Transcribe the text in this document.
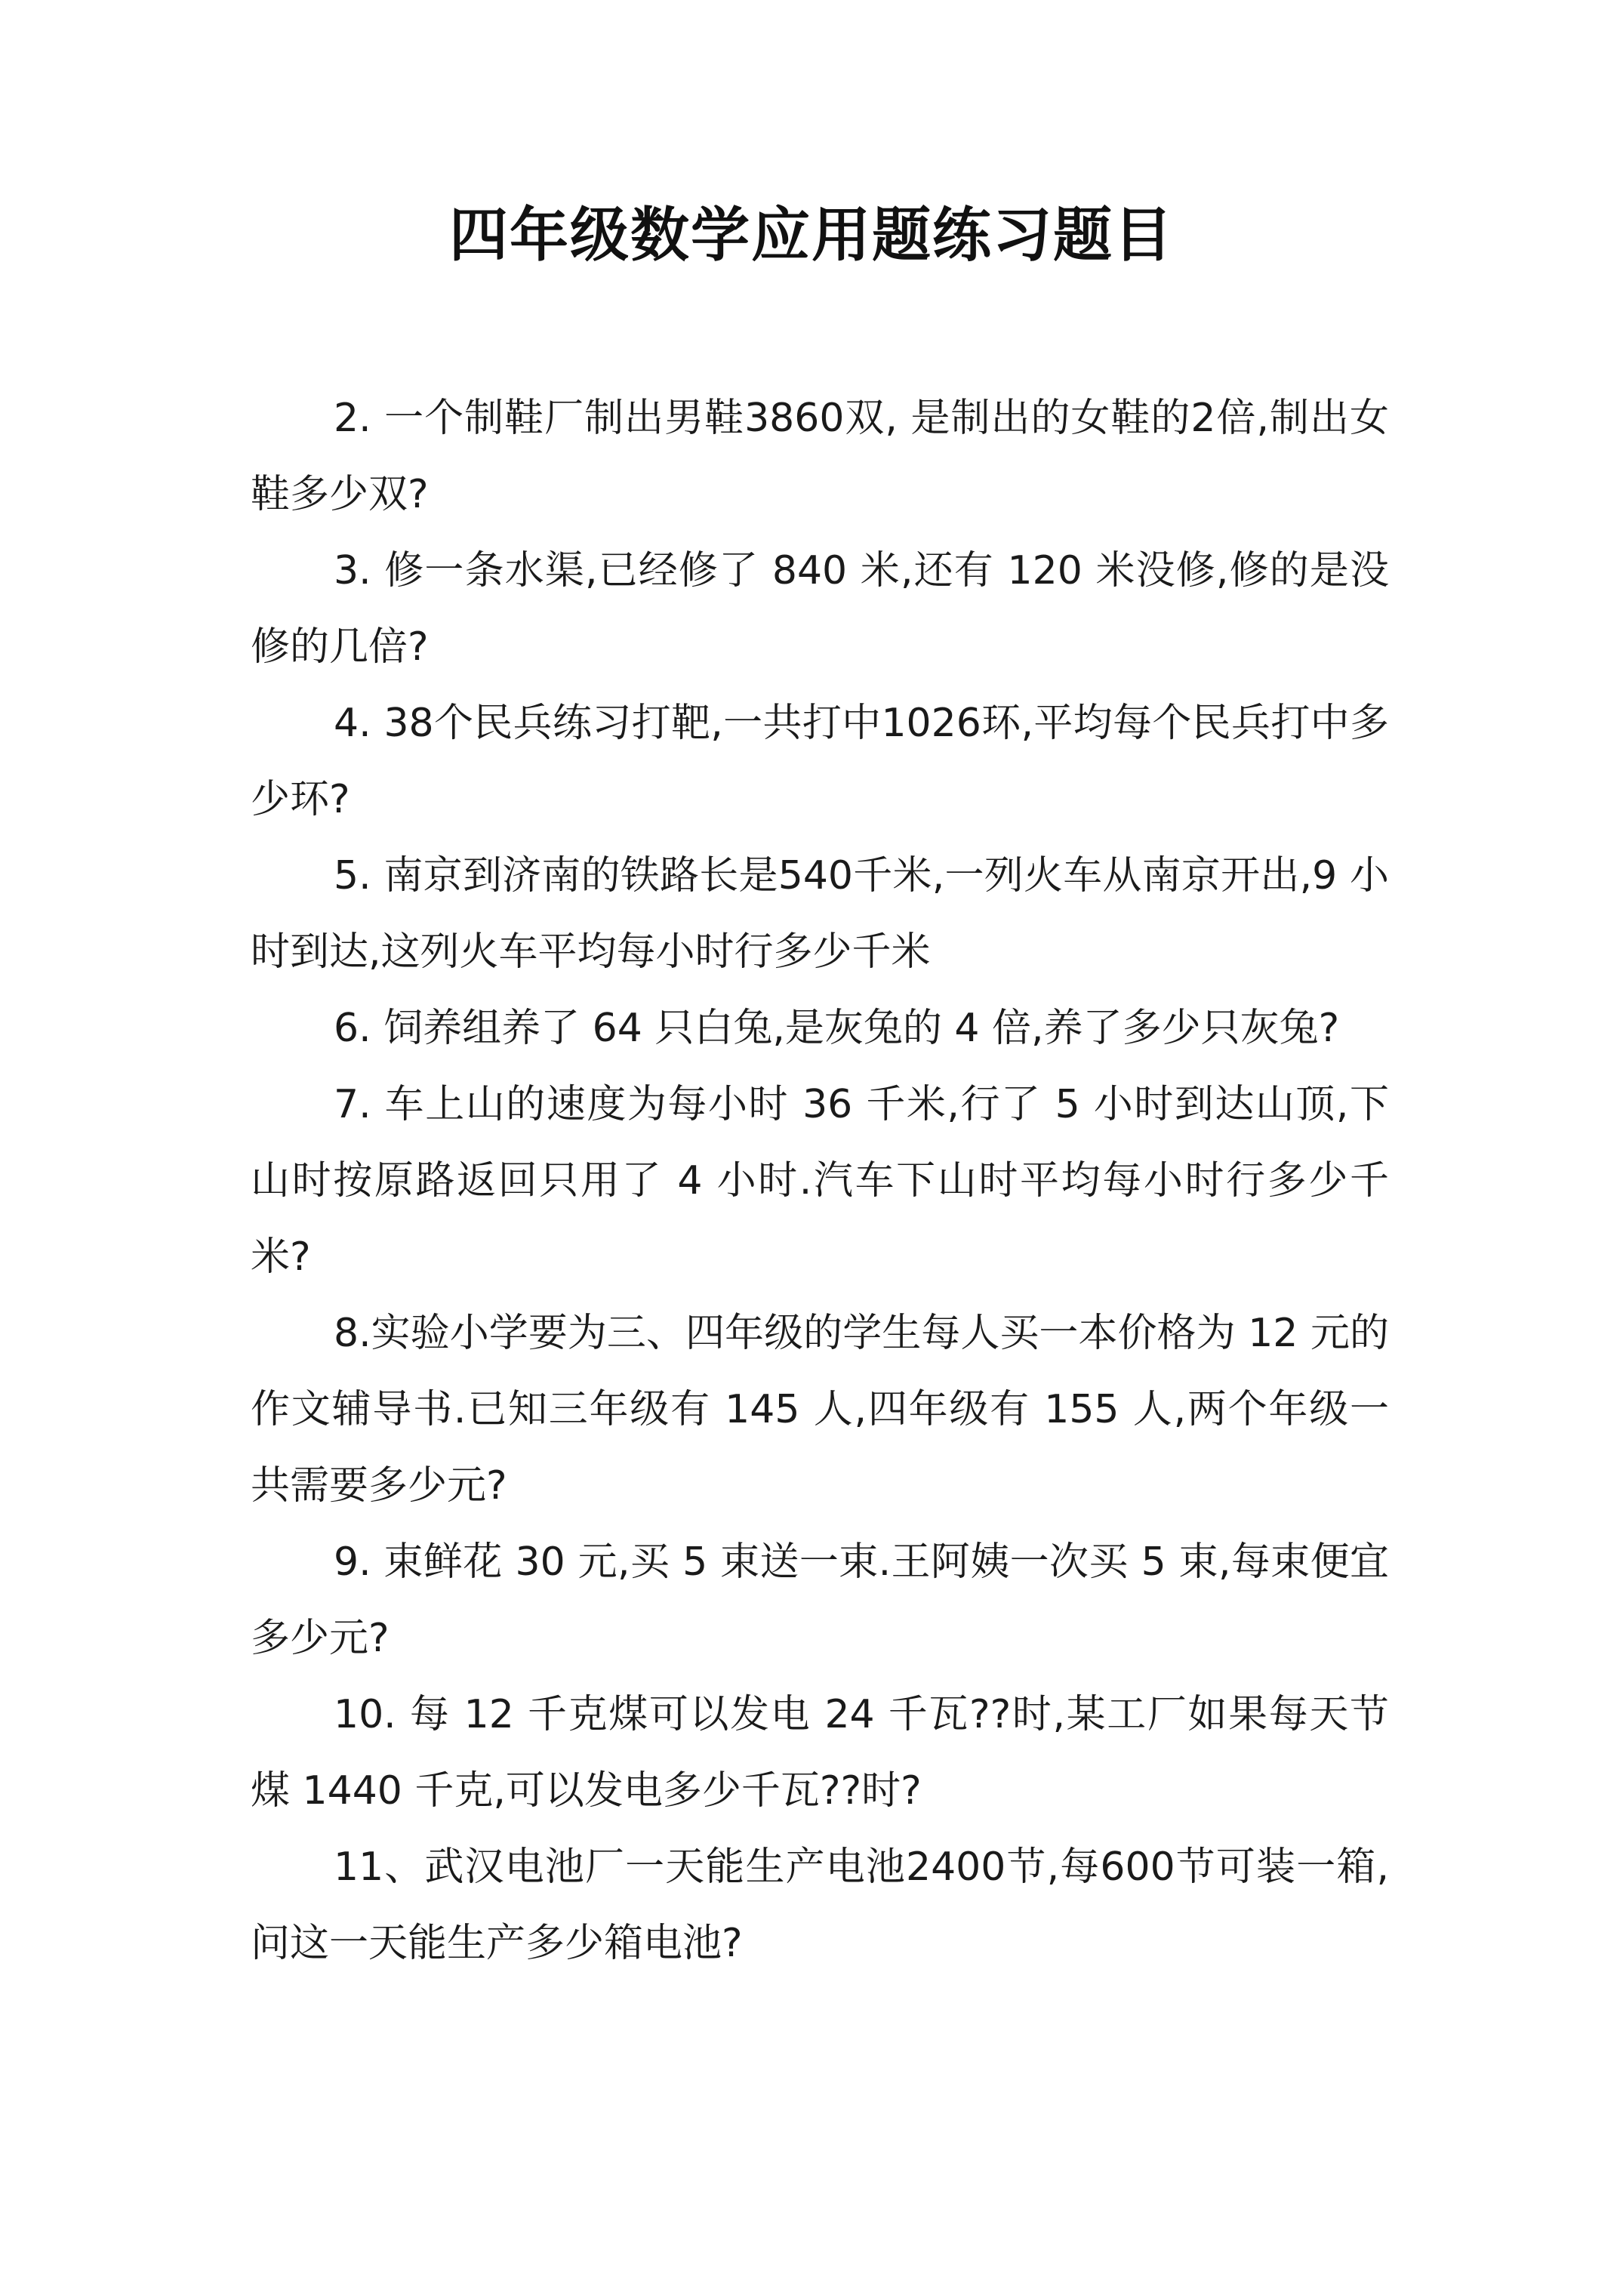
四年级数学应用题练习题目

2. 一个制鞋厂制出男鞋3860双, 是制出的女鞋的2倍,制出女鞋多少双?

3. 修一条水渠,已经修了 840 米,还有 120 米没修,修的是没修的几倍?

4. 38个民兵练习打靶,一共打中1026环,平均每个民兵打中多少环?

5. 南京到济南的铁路长是540千米,一列火车从南京开出,9 小时到达,这列火车平均每小时行多少千米

6. 饲养组养了 64 只白兔,是灰兔的 4 倍,养了多少只灰兔?

7. 车上山的速度为每小时 36 千米,行了 5 小时到达山顶,下山时按原路返回只用了 4 小时.汽车下山时平均每小时行多少千米?

8.实验小学要为三、四年级的学生每人买一本价格为 12 元的作文辅导书.已知三年级有 145 人,四年级有 155 人,两个年级一共需要多少元?

9. 束鲜花 30 元,买 5 束送一束.王阿姨一次买 5 束,每束便宜多少元?

10. 每 12 千克煤可以发电 24 千瓦??时,某工厂如果每天节煤 1440 千克,可以发电多少千瓦??时?

11、武汉电池厂一天能生产电池2400节,每600节可装一箱,问这一天能生产多少箱电池?
